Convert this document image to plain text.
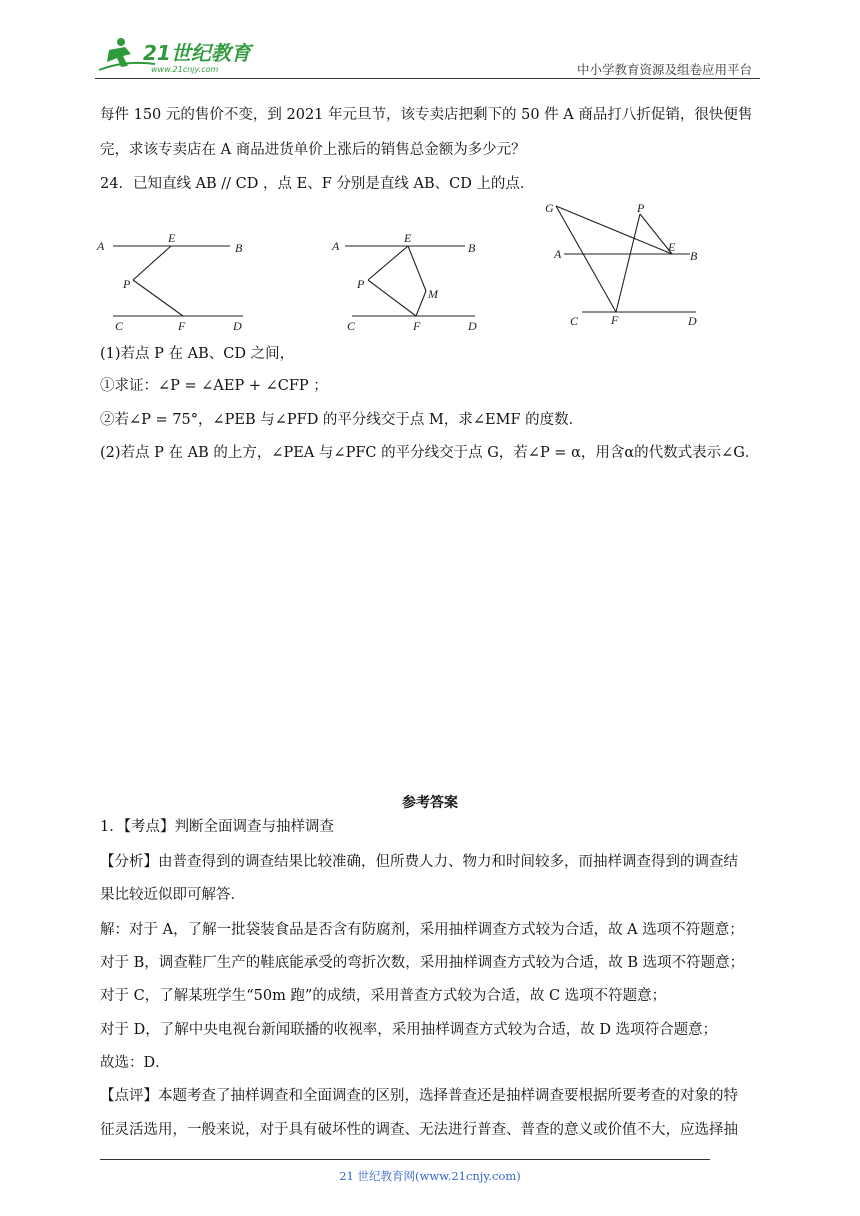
21世纪教育
www.21cnjy.com	中小学教育资源及组卷应用平台
每件 150 元的售价不变，到 2021 年元旦节，该专卖店把剩下的 50 件 A 商品打八折促销，很快便售
完，求该专卖店在 A 商品进货单价上涨后的销售总金额为多少元？
24．已知直线 AB // CD ，点 E、F 分别是直线 AB、CD 上的点．
A
E
B
P
C	F	D
A
E
B
P
M
C	F	D
G	P
A	E
B
C	F	D
(1)若点 P 在 AB、CD 之间，
①求证：∠P = ∠AEP + ∠CFP ；
②若∠P = 75°，∠PEB 与∠PFD 的平分线交于点 M，求∠EMF 的度数．
(2)若点 P 在 AB 的上方，∠PEA 与∠PFC 的平分线交于点 G，若∠P = α，用含α的代数式表示∠G．
参考答案
1．【考点】判断全面调查与抽样调查
【分析】由普查得到的调查结果比较准确，但所费人力、物力和时间较多，而抽样调查得到的调查结
果比较近似即可解答．
解：对于 A，了解一批袋装食品是否含有防腐剂，采用抽样调查方式较为合适，故 A 选项不符题意；
对于 B，调查鞋厂生产的鞋底能承受的弯折次数，采用抽样调查方式较为合适，故 B 选项不符题意；
对于 C，了解某班学生“50m 跑”的成绩，采用普查方式较为合适，故 C 选项不符题意；
对于 D，了解中央电视台新闻联播的收视率，采用抽样调查方式较为合适，故 D 选项符合题意；
故选：D．
【点评】本题考查了抽样调查和全面调查的区别，选择普查还是抽样调查要根据所要考查的对象的特
征灵活选用，一般来说，对于具有破坏性的调查、无法进行普查、普查的意义或价值不大，应选择抽
21 世纪教育网(www.21cnjy.com)
